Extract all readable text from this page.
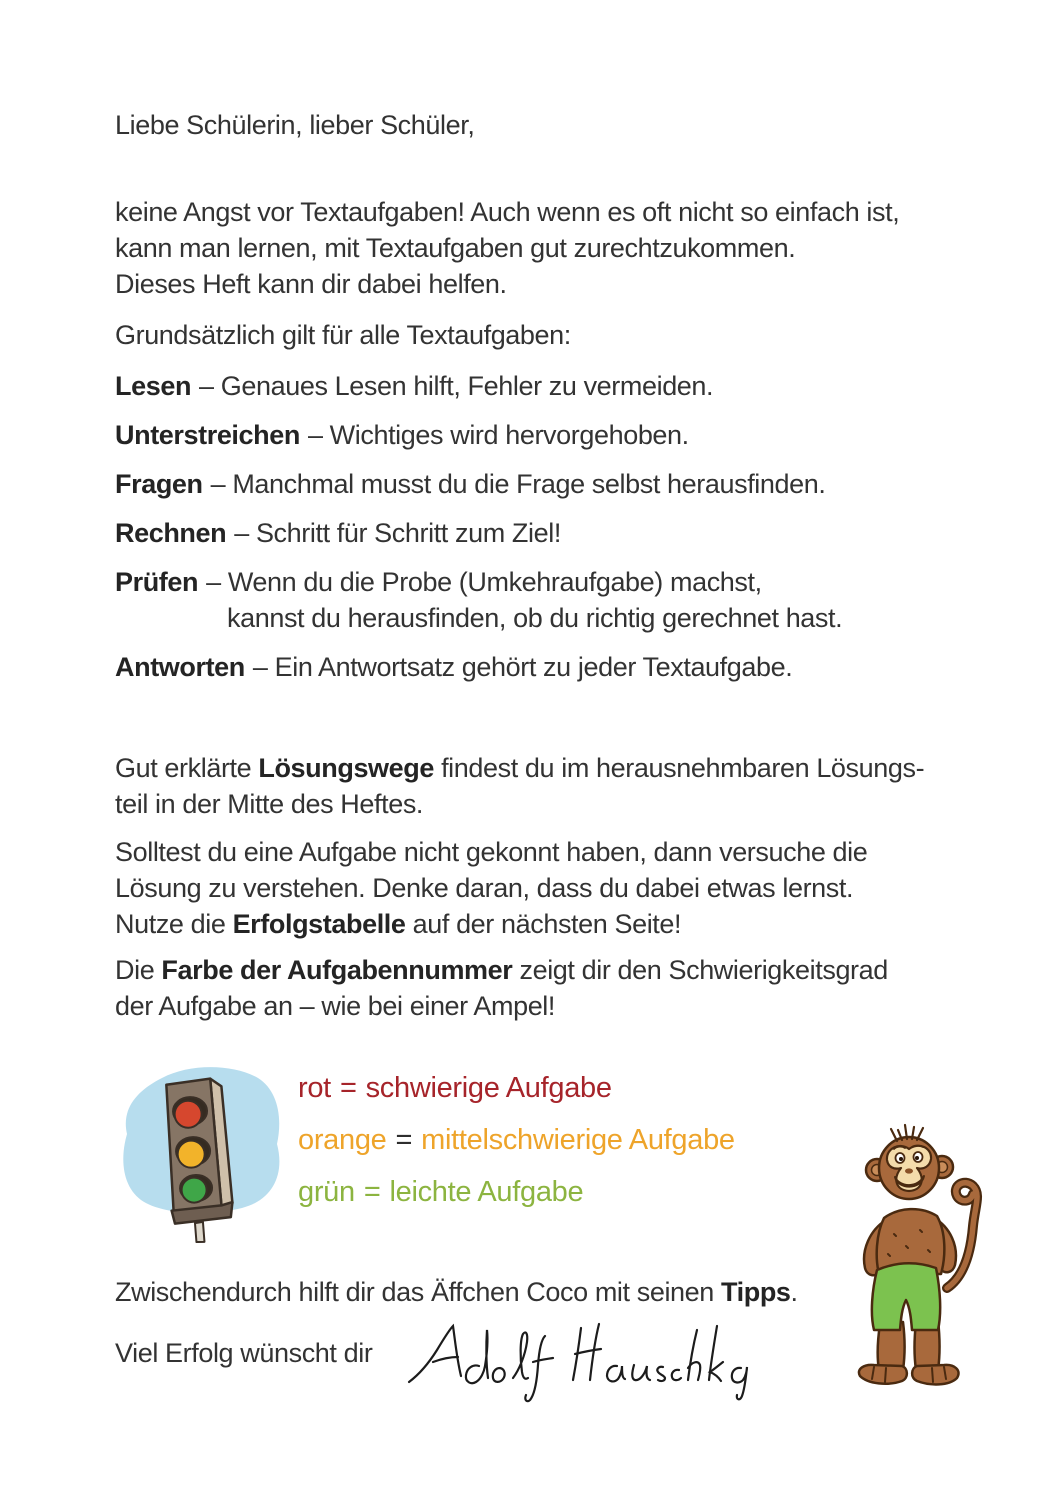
Liebe Schülerin, lieber Schüler,
keine Angst vor Textaufgaben! Auch wenn es oft nicht so einfach ist,
kann man lernen, mit Textaufgaben gut zurechtzukommen.
Dieses Heft kann dir dabei helfen.
Grundsätzlich gilt für alle Textaufgaben:
Lesen – Genaues Lesen hilft, Fehler zu vermeiden.
Unterstreichen – Wichtiges wird hervorgehoben.
Fragen – Manchmal musst du die Frage selbst herausfinden.
Rechnen – Schritt für Schritt zum Ziel!
Prüfen – Wenn du die Probe (Umkehraufgabe) machst,
kannst du herausfinden, ob du richtig gerechnet hast.
Antworten – Ein Antwortsatz gehört zu jeder Textaufgabe.
Gut erklärte Lösungswege findest du im herausnehmbaren Lösungs-
teil in der Mitte des Heftes.
Solltest du eine Aufgabe nicht gekonnt haben, dann versuche die
Lösung zu verstehen. Denke daran, dass du dabei etwas lernst.
Nutze die Erfolgstabelle auf der nächsten Seite!
Die Farbe der Aufgabennummer zeigt dir den Schwierigkeitsgrad
der Aufgabe an – wie bei einer Ampel!
rot = schwierige Aufgabe
orange = mittelschwierige Aufgabe
grün = leichte Aufgabe
Zwischendurch hilft dir das Äffchen Coco mit seinen Tipps.
Viel Erfolg wünscht dir
